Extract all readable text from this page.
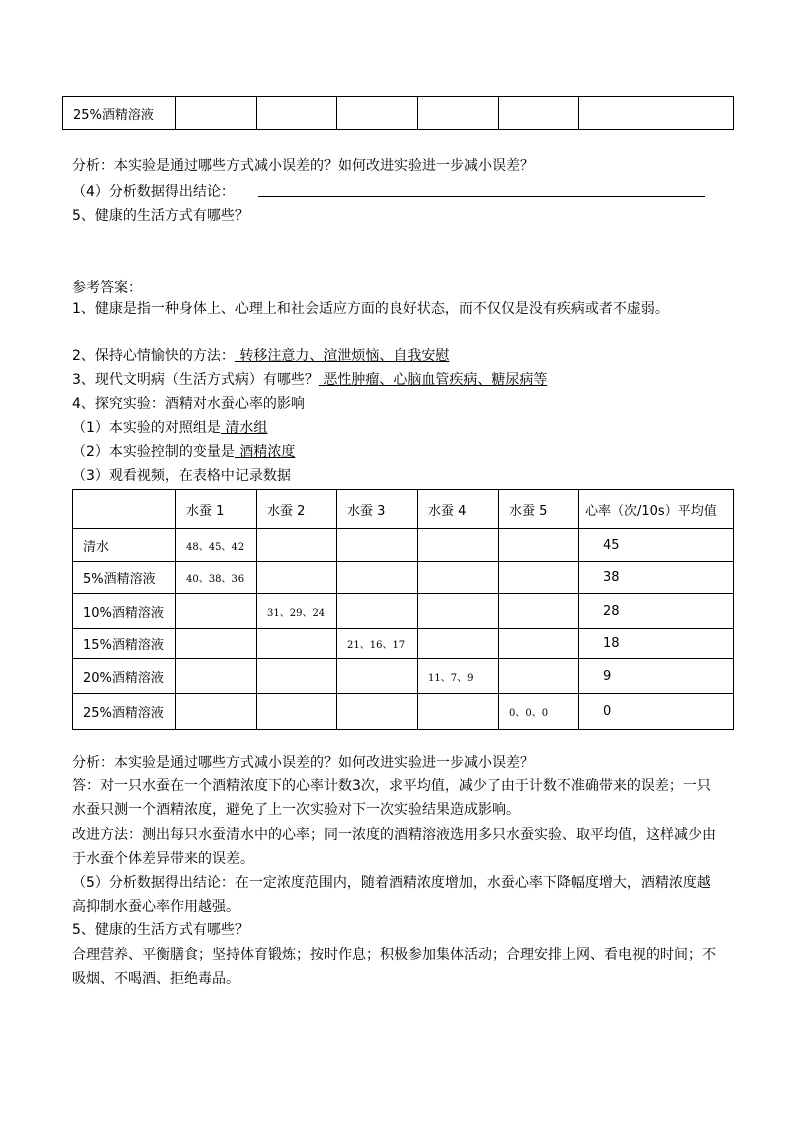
25%酒精溶液						
分析：本实验是通过哪些方式减小误差的？如何改进实验进一步减小误差？
（4）分析数据得出结论：
5、健康的生活方式有哪些？
参考答案：
1、健康是指一种身体上、心理上和社会适应方面的良好状态，而不仅仅是没有疾病或者不虚弱。
2、保持心情愉快的方法： 转移注意力、渲泄烦恼、自我安慰
3、现代文明病（生活方式病）有哪些？ 恶性肿瘤、心脑血管疾病、糖尿病等
4、探究实验：酒精对水蚕心率的影响
（1）本实验的对照组是 清水组
（2）本实验控制的变量是 酒精浓度
（3）观看视频，在表格中记录数据
	水蚕 1	水蚕 2	水蚕 3	水蚕 4	水蚕 5	心率（次/10s）平均值
清水	48、45、42					45
5%酒精溶液	40、38、36					38
10%酒精溶液		31、29、24				28
15%酒精溶液			21、16、17			18
20%酒精溶液				11、7、9		9
25%酒精溶液					0、0、0	0
分析：本实验是通过哪些方式减小误差的？如何改进实验进一步减小误差？
答：对一只水蚕在一个酒精浓度下的心率计数3次，求平均值，减少了由于计数不准确带来的误差；一只水蚕只测一个酒精浓度，避免了上一次实验对下一次实验结果造成影响。
改进方法：测出每只水蚕清水中的心率；同一浓度的酒精溶液选用多只水蚕实验、取平均值，这样减少由于水蚕个体差异带来的误差。
（5）分析数据得出结论：在一定浓度范围内，随着酒精浓度增加，水蚕心率下降幅度增大，酒精浓度越高抑制水蚕心率作用越强。
5、健康的生活方式有哪些？
合理营养、平衡膳食；坚持体育锻炼；按时作息；积极参加集体活动；合理安排上网、看电视的时间；不吸烟、不喝酒、拒绝毒品。
